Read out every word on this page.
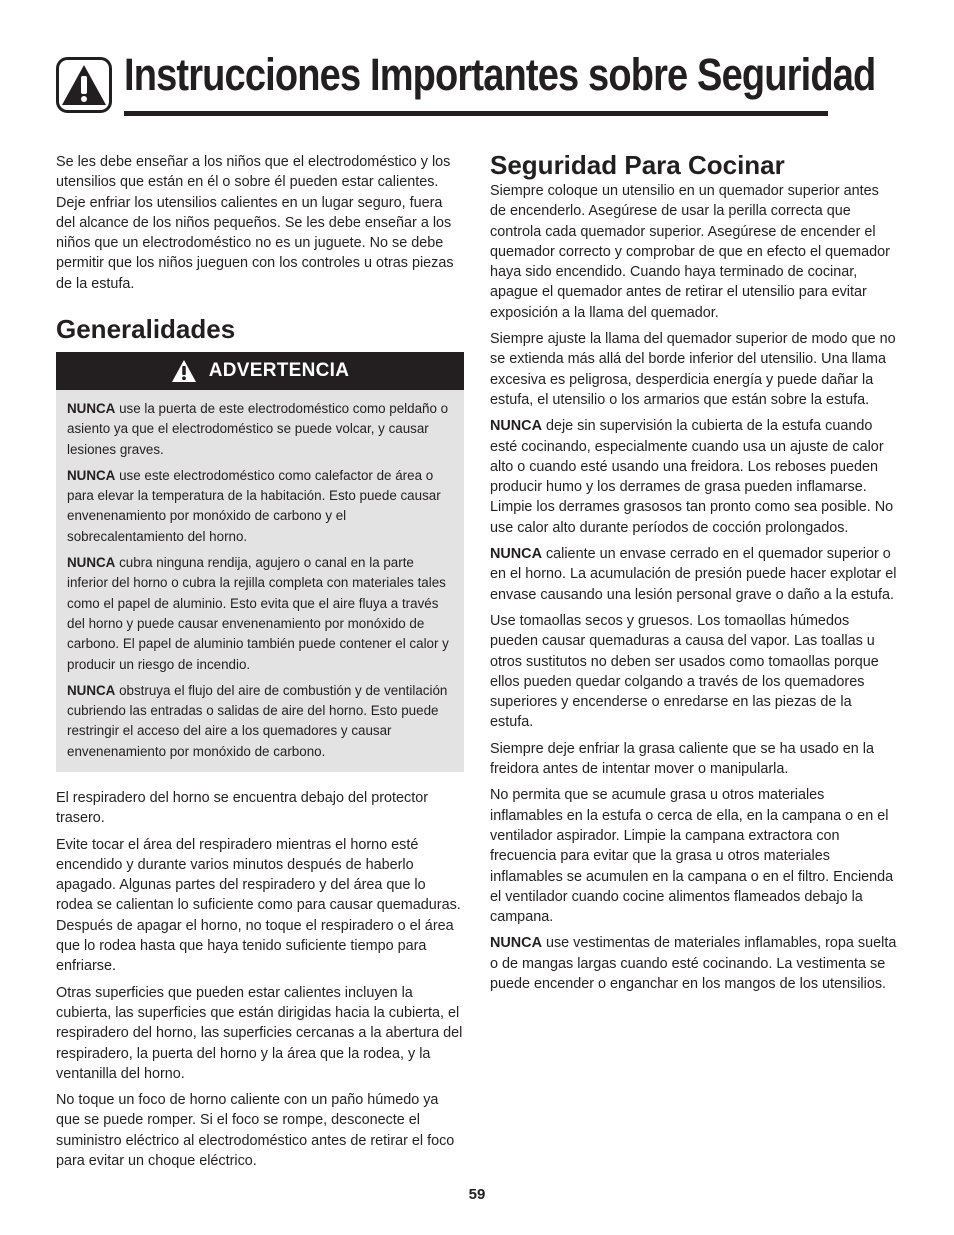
Instrucciones Importantes sobre Seguridad

Se les debe enseñar a los niños que el electrodoméstico y los utensilios que están en él o sobre él pueden estar calientes. Deje enfriar los utensilios calientes en un lugar seguro, fuera del alcance de los niños pequeños. Se les debe enseñar a los niños que un electrodoméstico no es un juguete. No se debe permitir que los niños jueguen con los controles u otras piezas de la estufa.

Generalidades
ADVERTENCIA

NUNCA use la puerta de este electrodoméstico como peldaño o asiento ya que el electrodoméstico se puede volcar, y causar lesiones graves.

NUNCA use este electrodoméstico como calefactor de área o para elevar la temperatura de la habitación. Esto puede causar envenenamiento por monóxido de carbono y el sobrecalentamiento del horno.

NUNCA cubra ninguna rendija, agujero o canal en la parte inferior del horno o cubra la rejilla completa con materiales tales como el papel de aluminio. Esto evita que el aire fluya a través del horno y puede causar envenenamiento por monóxido de carbono. El papel de aluminio también puede contener el calor y producir un riesgo de incendio.

NUNCA obstruya el flujo del aire de combustión y de ventilación cubriendo las entradas o salidas de aire del horno. Esto puede restringir el acceso del aire a los quemadores y causar envenenamiento por monóxido de carbono.

El respiradero del horno se encuentra debajo del protector trasero.

Evite tocar el área del respiradero mientras el horno esté encendido y durante varios minutos después de haberlo apagado. Algunas partes del respiradero y del área que lo rodea se calientan lo suficiente como para causar quemaduras. Después de apagar el horno, no toque el respiradero o el área que lo rodea hasta que haya tenido suficiente tiempo para enfriarse.

Otras superficies que pueden estar calientes incluyen la cubierta, las superficies que están dirigidas hacia la cubierta, el respiradero del horno, las superficies cercanas a la abertura del respiradero, la puerta del horno y la área que la rodea, y la ventanilla del horno.

No toque un foco de horno caliente con un paño húmedo ya que se puede romper. Si el foco se rompe, desconecte el suministro eléctrico al electrodoméstico antes de retirar el foco para evitar un choque eléctrico.

Seguridad Para Cocinar

Siempre coloque un utensilio en un quemador superior antes de encenderlo. Asegúrese de usar la perilla correcta que controla cada quemador superior. Asegúrese de encender el quemador correcto y comprobar de que en efecto el quemador haya sido encendido. Cuando haya terminado de cocinar, apague el quemador antes de retirar el utensilio para evitar exposición a la llama del quemador.

Siempre ajuste la llama del quemador superior de modo que no se extienda más allá del borde inferior del utensilio. Una llama excesiva es peligrosa, desperdicia energía y puede dañar la estufa, el utensilio o los armarios que están sobre la estufa.

NUNCA deje sin supervisión la cubierta de la estufa cuando esté cocinando, especialmente cuando usa un ajuste de calor alto o cuando esté usando una freidora. Los reboses pueden producir humo y los derrames de grasa pueden inflamarse. Limpie los derrames grasosos tan pronto como sea posible. No use calor alto durante períodos de cocción prolongados.

NUNCA caliente un envase cerrado en el quemador superior o en el horno. La acumulación de presión puede hacer explotar el envase causando una lesión personal grave o daño a la estufa.

Use tomaollas secos y gruesos. Los tomaollas húmedos pueden causar quemaduras a causa del vapor. Las toallas u otros sustitutos no deben ser usados como tomaollas porque ellos pueden quedar colgando a través de los quemadores superiores y encenderse o enredarse en las piezas de la estufa.

Siempre deje enfriar la grasa caliente que se ha usado en la freidora antes de intentar mover o manipularla.

No permita que se acumule grasa u otros materiales inflamables en la estufa o cerca de ella, en la campana o en el ventilador aspirador. Limpie la campana extractora con frecuencia para evitar que la grasa u otros materiales inflamables se acumulen en la campana o en el filtro. Encienda el ventilador cuando cocine alimentos flameados debajo la campana.

NUNCA use vestimentas de materiales inflamables, ropa suelta o de mangas largas cuando esté cocinando. La vestimenta se puede encender o enganchar en los mangos de los utensilios.

59
